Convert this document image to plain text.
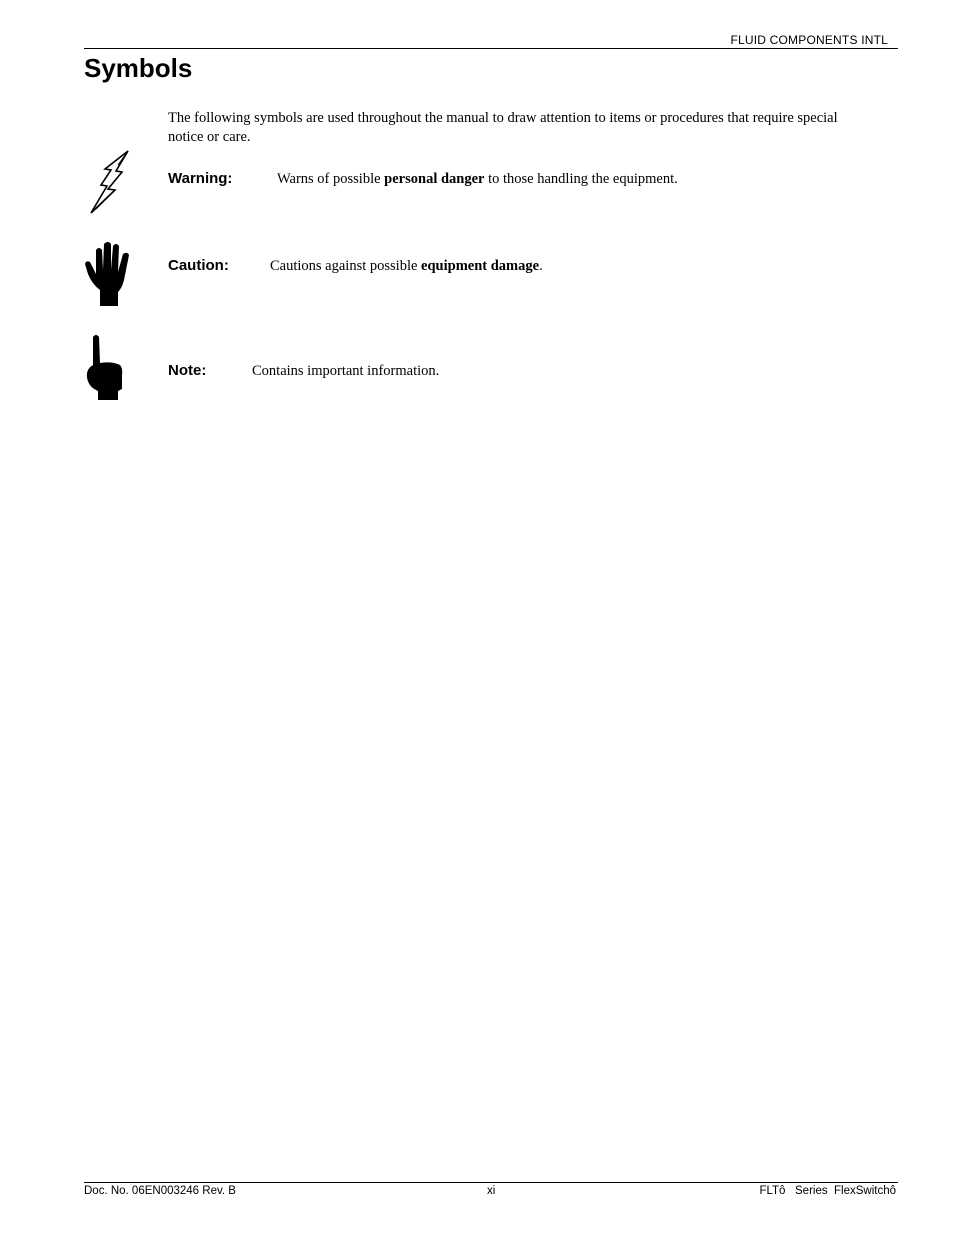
FLUID COMPONENTS INTL
Symbols

The following symbols are used throughout the manual to draw attention to items or procedures that require special notice or care.

Warning:	Warns of possible personal danger to those handling the equipment.
Caution:	Cautions against possible equipment damage.
Note:	Contains important information.
Doc. No. 06EN003246 Rev. B	xi	FLTô   Series  FlexSwitchô
